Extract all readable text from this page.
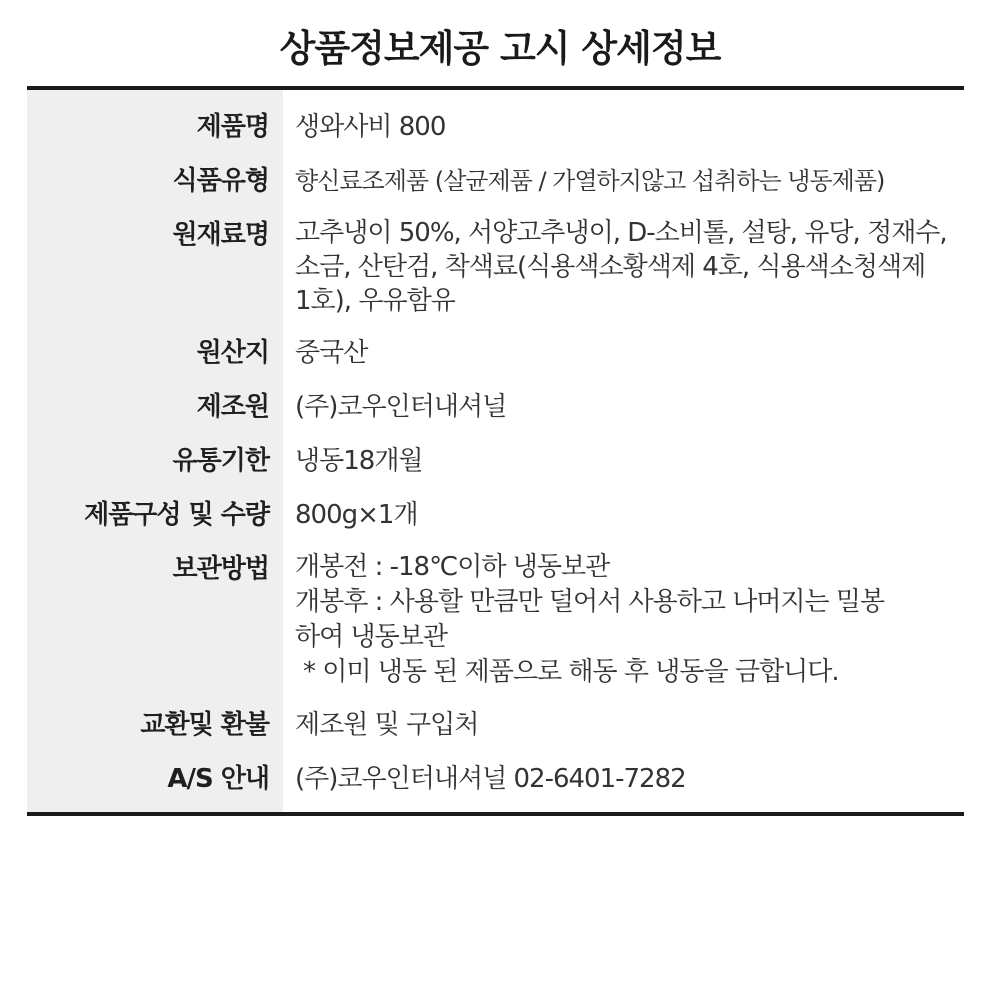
상품정보제공 고시 상세정보
제품명 생와사비 800
식품유형 향신료조제품 (살균제품 / 가열하지않고 섭취하는 냉동제품)
원재료명 고추냉이 50%, 서양고추냉이, D-소비톨, 설탕, 유당, 정재수,
소금, 산탄검, 착색료(식용색소황색제 4호, 식용색소청색제
1호), 우유함유
원산지 중국산
제조원 (주)코우인터내셔널
유통기한 냉동18개월
제품구성 및 수량 800g×1개
보관방법 개봉전 : -18℃이하 냉동보관
개봉후 : 사용할 만큼만 덜어서 사용하고 나머지는 밀봉
하여 냉동보관
* 이미 냉동 된 제품으로 해동 후 냉동을 금합니다.
교환및 환불 제조원 및 구입처
A/S 안내 (주)코우인터내셔널 02-6401-7282
